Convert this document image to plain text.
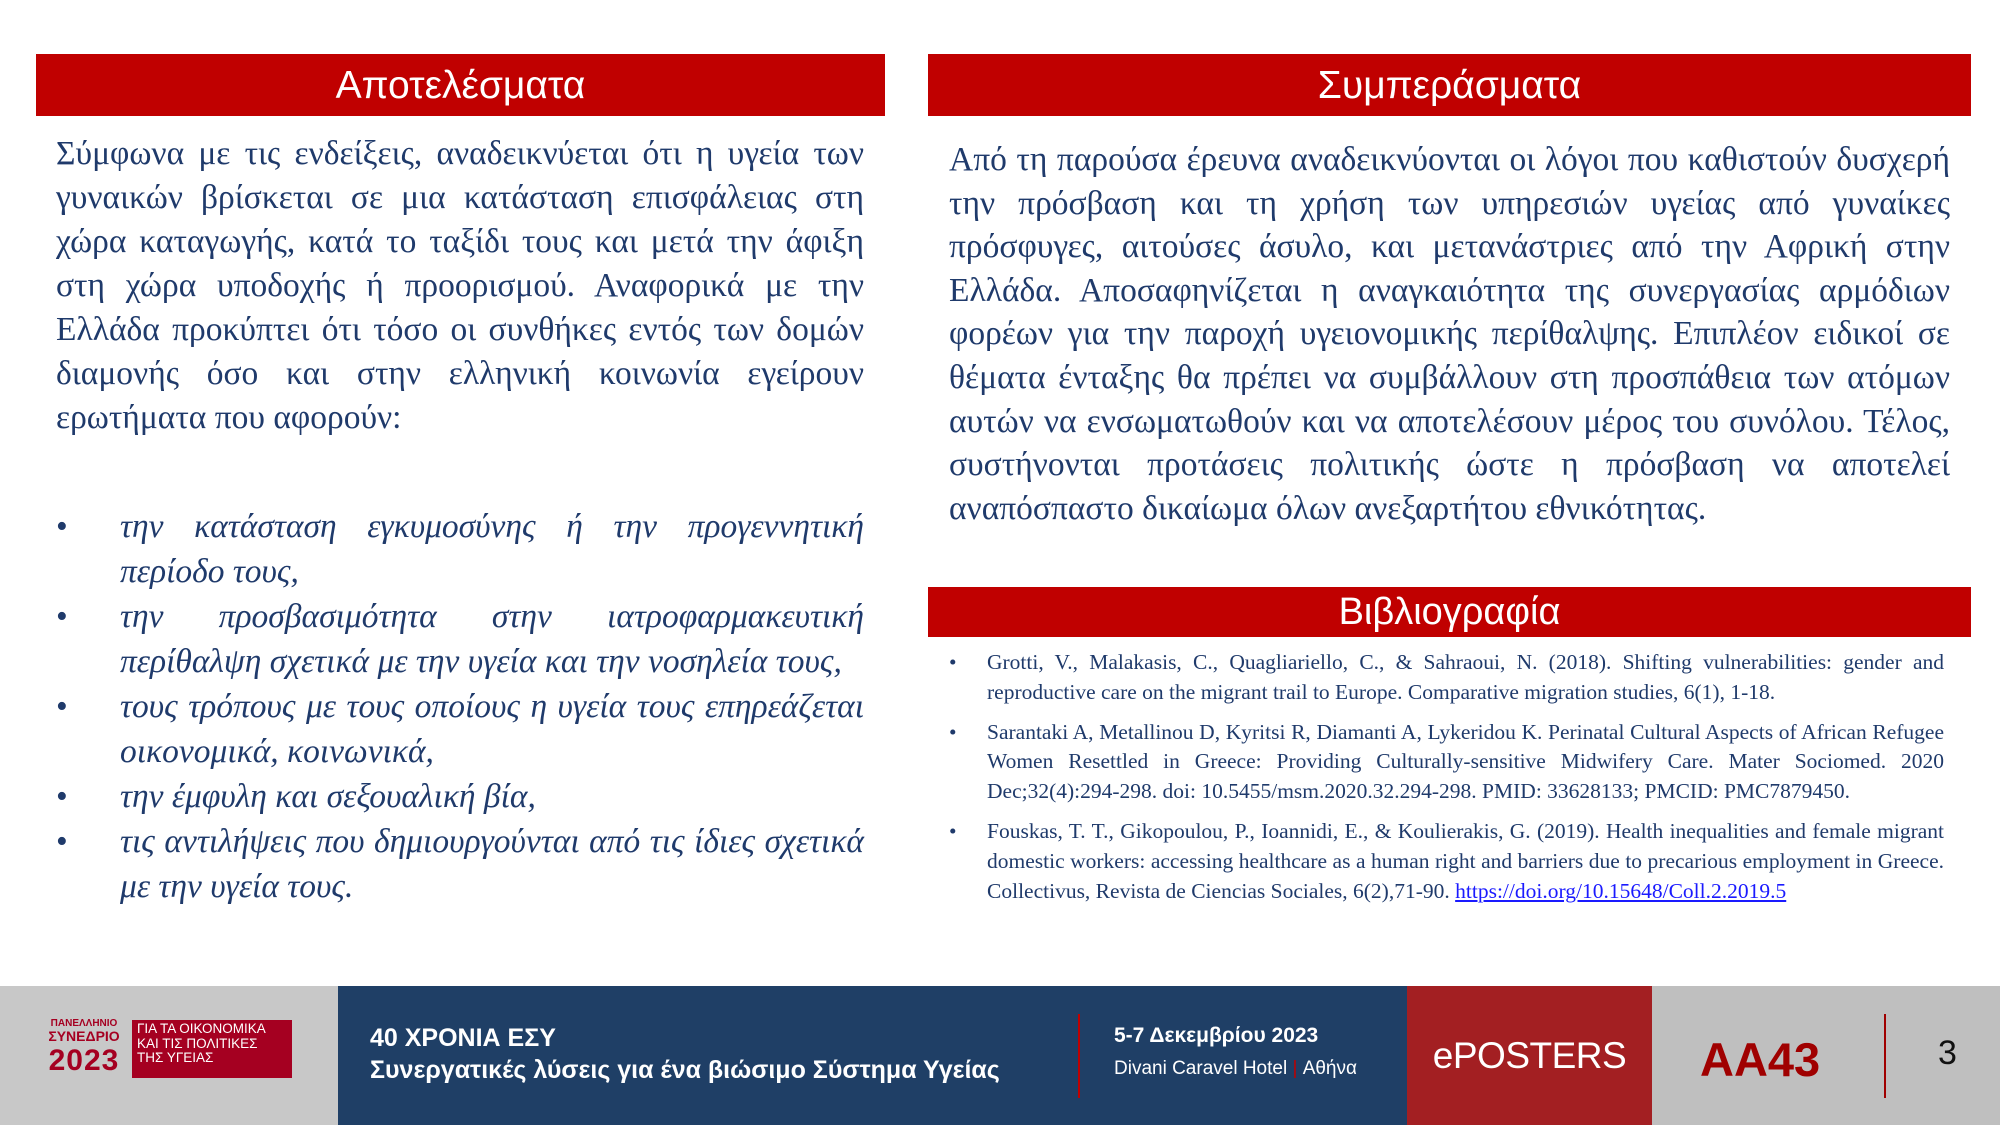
Αποτελέσματα

Σύμφωνα με τις ενδείξεις, αναδεικνύεται ότι η υγεία των γυναικών βρίσκεται σε μια κατάσταση επισφάλειας στη χώρα καταγωγής, κατά το ταξίδι τους και μετά την άφιξη στη χώρα υποδοχής ή προορισμού. Αναφορικά με την Ελλάδα προκύπτει ότι τόσο οι συνθήκες εντός των δομών διαμονής όσο και στην ελληνική κοινωνία εγείρουν ερωτήματα που αφορούν:

• την κατάσταση εγκυμοσύνης ή την προγεννητική περίοδο τους,
• την προσβασιμότητα στην ιατροφαρμακευτική περίθαλψη σχετικά με την υγεία και την νοσηλεία τους,
• τους τρόπους με τους οποίους η υγεία τους επηρεάζεται οικονομικά, κοινωνικά,
• την έμφυλη και σεξουαλική βία,
• τις αντιλήψεις που δημιουργούνται από τις ίδιες σχετικά με την υγεία τους.
Συμπεράσματα

Από τη παρούσα έρευνα αναδεικνύονται οι λόγοι που καθιστούν δυσχερή την πρόσβαση και τη χρήση των υπηρεσιών υγείας από γυναίκες πρόσφυγες, αιτούσες άσυλο, και μετανάστριες από την Αφρική στην Ελλάδα. Αποσαφηνίζεται η αναγκαιότητα της συνεργασίας αρμόδιων φορέων για την παροχή υγειονομικής περίθαλψης. Επιπλέον ειδικοί σε θέματα ένταξης θα πρέπει να συμβάλλουν στη προσπάθεια των ατόμων αυτών να ενσωματωθούν και να αποτελέσουν μέρος του συνόλου. Τέλος, συστήνονται προτάσεις πολιτικής ώστε η πρόσβαση να αποτελεί αναπόσπαστο δικαίωμα όλων ανεξαρτήτου εθνικότητας.

Βιβλιογραφία
• Grotti, V., Malakasis, C., Quagliariello, C., & Sahraoui, N. (2018). Shifting vulnerabilities: gender and reproductive care on the migrant trail to Europe. Comparative migration studies, 6(1), 1-18.
• Sarantaki A, Metallinou D, Kyritsi R, Diamanti A, Lykeridou K. Perinatal Cultural Aspects of African Refugee Women Resettled in Greece: Providing Culturally-sensitive Midwifery Care. Mater Sociomed. 2020 Dec;32(4):294-298. doi: 10.5455/msm.2020.32.294-298. PMID: 33628133; PMCID: PMC7879450.
• Fouskas, T. T., Gikopoulou, P., Ioannidi, E., & Koulierakis, G. (2019). Health inequalities and female migrant domestic workers: accessing healthcare as a human right and barriers due to precarious employment in Greece. Collectivus, Revista de Ciencias Sociales, 6(2),71-90. https://doi.org/10.15648/Coll.2.2019.5
ΠΑΝΕΛΛΗΝΙΟ
ΣΥΝΕΔΡΙΟ
2023
ΓΙΑ ΤΑ ΟΙΚΟΝΟΜΙΚΑ
ΚΑΙ ΤΙΣ ΠΟΛΙΤΙΚΕΣ
ΤΗΣ ΥΓΕΙΑΣ
40 ΧΡΟΝΙΑ ΕΣΥ
Συνεργατικές λύσεις για ένα βιώσιμο Σύστημα Υγείας
5-7 Δεκεμβρίου 2023
Divani Caravel Hotel | Αθήνα	ePOSTERS	AA43	3
